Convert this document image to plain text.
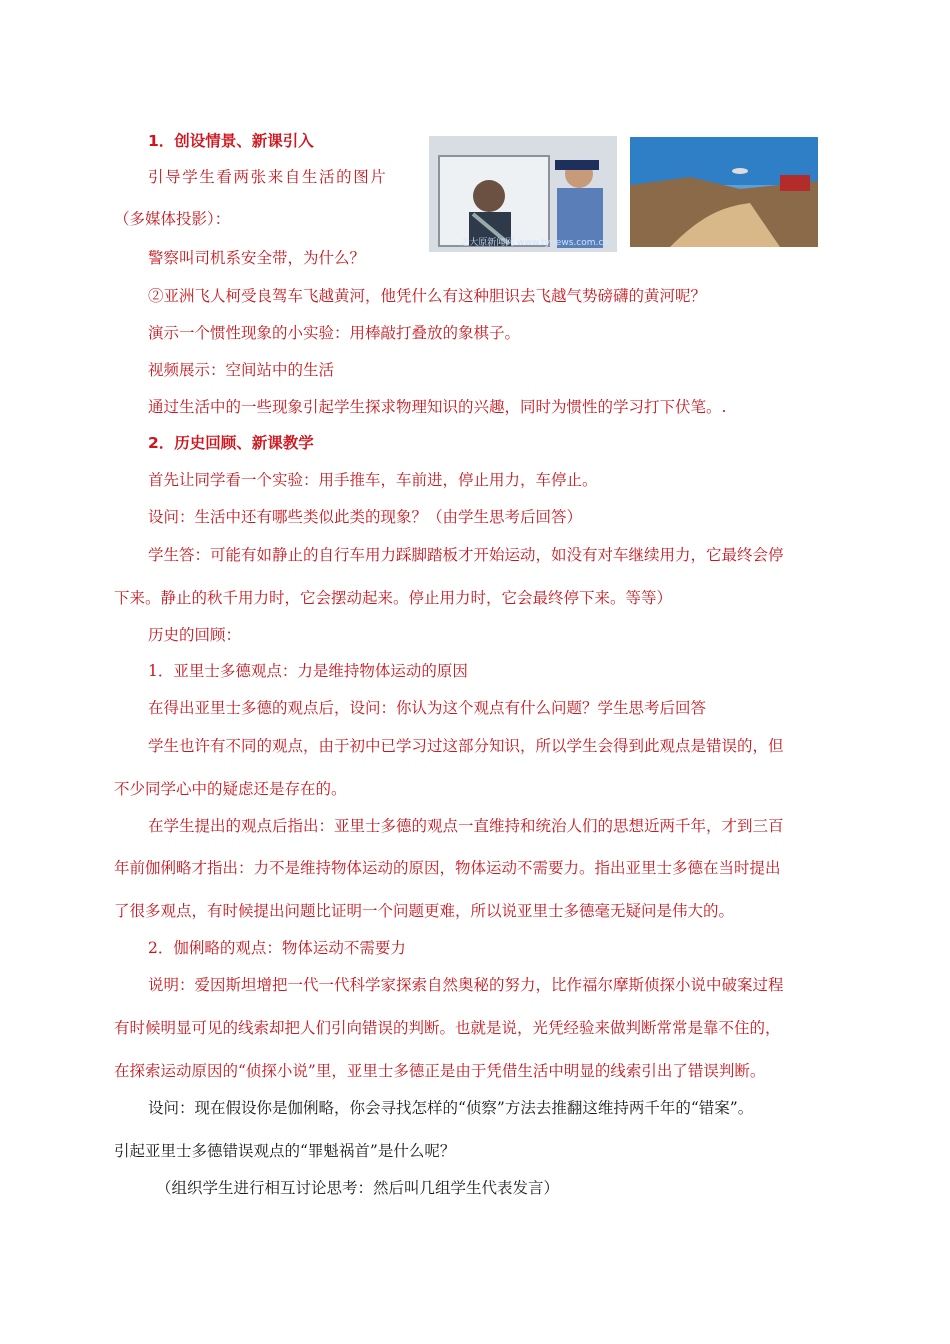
之大原新闻网 www.tynews.com.cn
1．创设情景、新课引入
引导学生看两张来自生活的图片
（多媒体投影）：
警察叫司机系安全带，为什么？
②亚洲飞人柯受良驾车飞越黄河，他凭什么有这种胆识去飞越气势磅礴的黄河呢？
演示一个惯性现象的小实验：用棒敲打叠放的象棋子。
视频展示：空间站中的生活
通过生活中的一些现象引起学生探求物理知识的兴趣，同时为惯性的学习打下伏笔。.
2．历史回顾、新课教学
首先让同学看一个实验：用手推车，车前进，停止用力，车停止。
设问：生活中还有哪些类似此类的现象？（由学生思考后回答）
学生答：可能有如静止的自行车用力踩脚踏板才开始运动，如没有对车继续用力，它最终会停
下来。静止的秋千用力时，它会摆动起来。停止用力时，它会最终停下来。等等）
历史的回顾：
1．亚里士多德观点：力是维持物体运动的原因
在得出亚里士多德的观点后，设问：你认为这个观点有什么问题？学生思考后回答
学生也许有不同的观点，由于初中已学习过这部分知识，所以学生会得到此观点是错误的，但
不少同学心中的疑虑还是存在的。
在学生提出的观点后指出：亚里士多德的观点一直维持和统治人们的思想近两千年，才到三百
年前伽俐略才指出：力不是维持物体运动的原因，物体运动不需要力。指出亚里士多德在当时提出
了很多观点，有时候提出问题比证明一个问题更难，所以说亚里士多德毫无疑问是伟大的。
2．伽俐略的观点：物体运动不需要力
说明：爱因斯坦增把一代一代科学家探索自然奥秘的努力，比作福尔摩斯侦探小说中破案过程
有时候明显可见的线索却把人们引向错误的判断。也就是说，光凭经验来做判断常常是靠不住的，
在探索运动原因的“侦探小说”里，亚里士多德正是由于凭借生活中明显的线索引出了错误判断。
设问：现在假设你是伽俐略，你会寻找怎样的“侦察”方法去推翻这维持两千年的“错案”。
引起亚里士多德错误观点的“罪魁祸首”是什么呢？
（组织学生进行相互讨论思考：然后叫几组学生代表发言）
